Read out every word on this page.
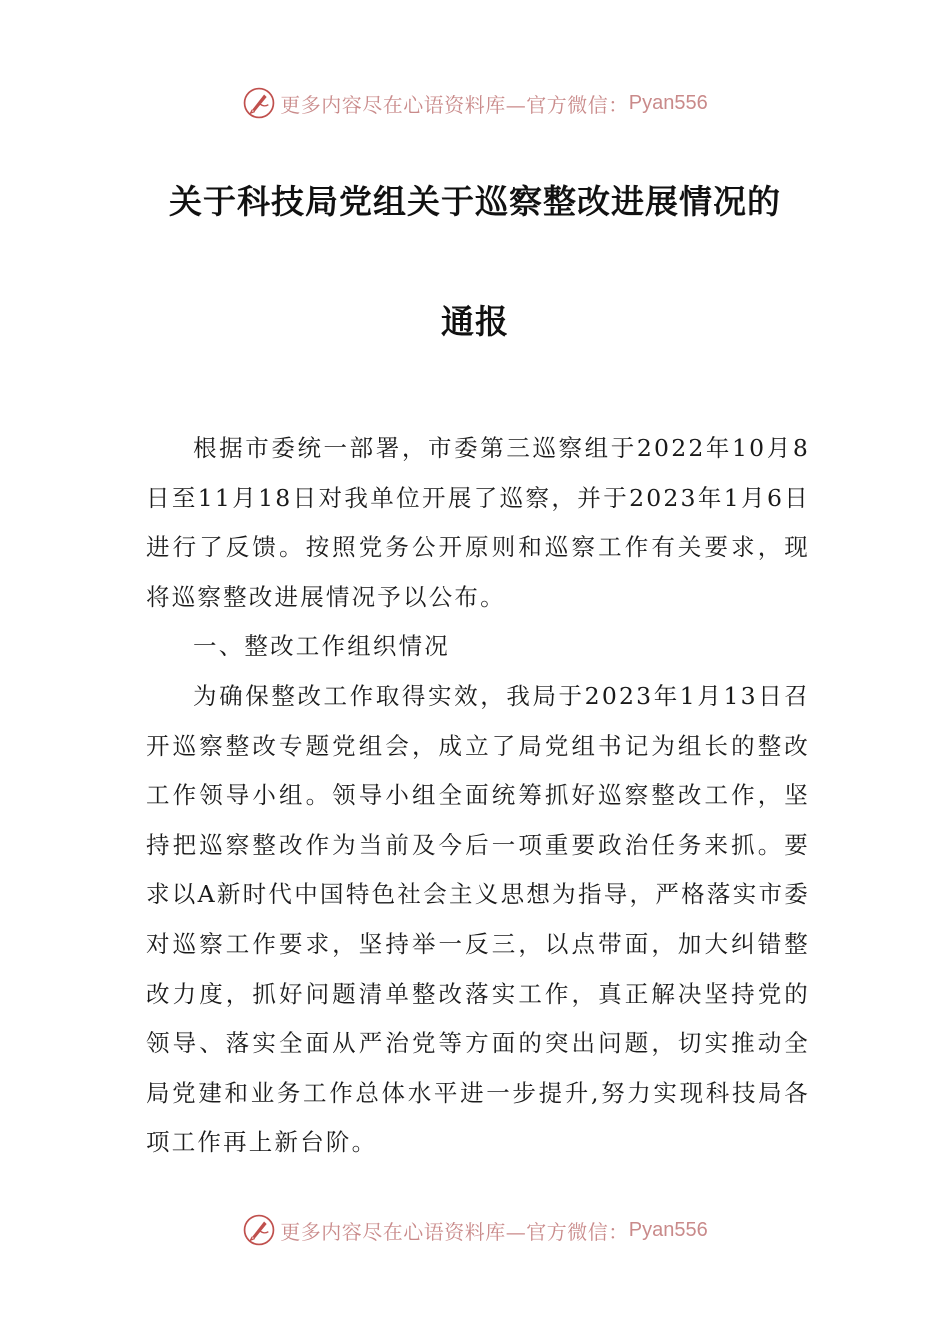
更多内容尽在心语资料库—官方微信： Pyan556
关于科技局党组关于巡察整改进展情况的
通报

根据市委统一部署，市委第三巡察组于2022年10月8日至11月18日对我单位开展了巡察，并于2023年1月6日进行了反馈。按照党务公开原则和巡察工作有关要求，现将巡察整改进展情况予以公布。

一、整改工作组织情况

为确保整改工作取得实效，我局于2023年1月13日召开巡察整改专题党组会，成立了局党组书记为组长的整改工作领导小组。领导小组全面统筹抓好巡察整改工作，坚持把巡察整改作为当前及今后一项重要政治任务来抓。要求以A新时代中国特色社会主义思想为指导，严格落实市委对巡察工作要求，坚持举一反三，以点带面，加大纠错整改力度，抓好问题清单整改落实工作，真正解决坚持党的领导、落实全面从严治党等方面的突出问题，切实推动全局党建和业务工作总体水平进一步提升,努力实现科技局各项工作再上新台阶。

更多内容尽在心语资料库—官方微信： Pyan556
